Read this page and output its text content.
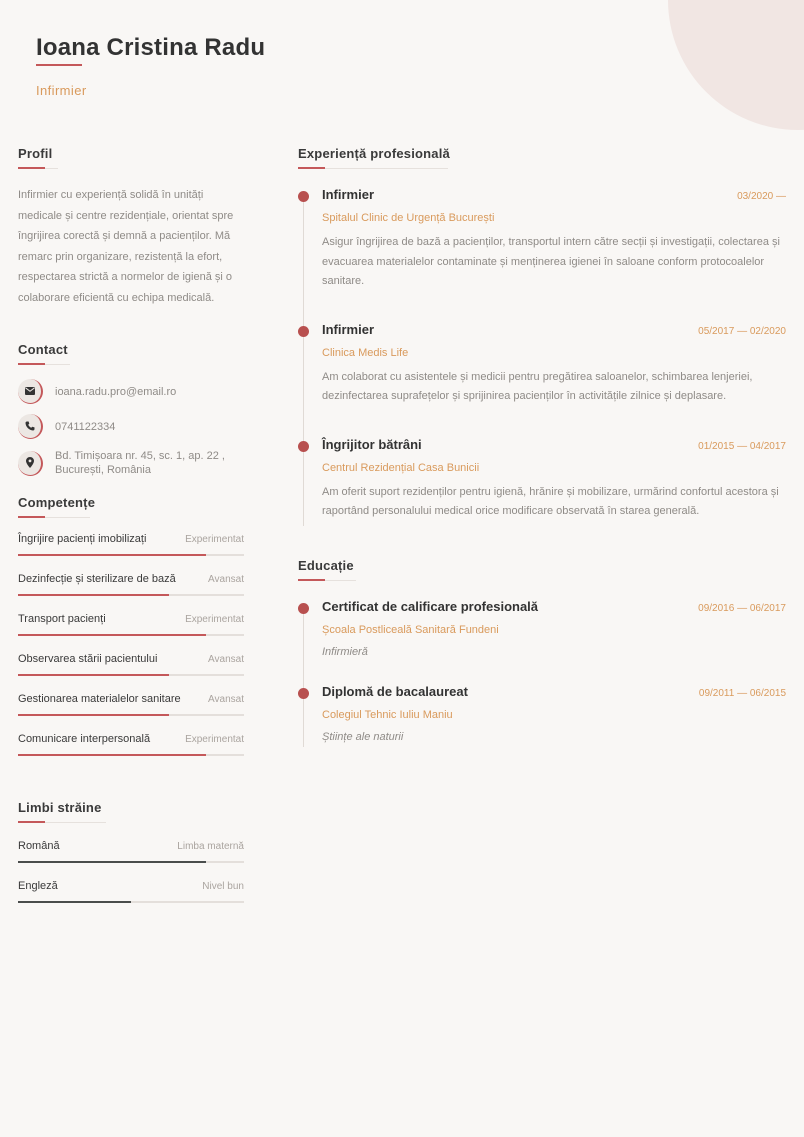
Ioana Cristina Radu
Infirmier
Profil

Infirmier cu experiență solidă în unități medicale și centre rezidențiale, orientat spre îngrijirea corectă și demnă a pacienților. Mă remarc prin organizare, rezistență la efort, respectarea strictă a normelor de igienă și o colaborare eficientă cu echipa medicală.

Contact
ioana.radu.pro@email.ro
0741122334
Bd. Timișoara nr. 45, sc. 1, ap. 22 , București, România
Competențe
Îngrijire pacienți imobilizați	Experimentat
Dezinfecție și sterilizare de bază	Avansat
Transport pacienți	Experimentat
Observarea stării pacientului	Avansat
Gestionarea materialelor sanitare	Avansat
Comunicare interpersonală	Experimentat
Limbi străine
Română	Limba maternă
Engleză	Nivel bun
Experiență profesională
Infirmier	03/2020 —
Spitalul Clinic de Urgență București
Asigur îngrijirea de bază a pacienților, transportul intern către secții și investigații, colectarea și evacuarea materialelor contaminate și menținerea igienei în saloane conform protocoalelor sanitare.
Infirmier	05/2017 — 02/2020
Clinica Medis Life
Am colaborat cu asistentele și medicii pentru pregătirea saloanelor, schimbarea lenjeriei, dezinfectarea suprafețelor și sprijinirea pacienților în activitățile zilnice și deplasare.
Îngrijitor bătrâni	01/2015 — 04/2017
Centrul Rezidențial Casa Bunicii
Am oferit suport rezidenților pentru igienă, hrănire și mobilizare, urmărind confortul acestora și raportând personalului medical orice modificare observată în starea generală.
Educație
Certificat de calificare profesională	09/2016 — 06/2017
Școala Postliceală Sanitară Fundeni
Infirmieră
Diplomă de bacalaureat	09/2011 — 06/2015
Colegiul Tehnic Iuliu Maniu
Științe ale naturii
